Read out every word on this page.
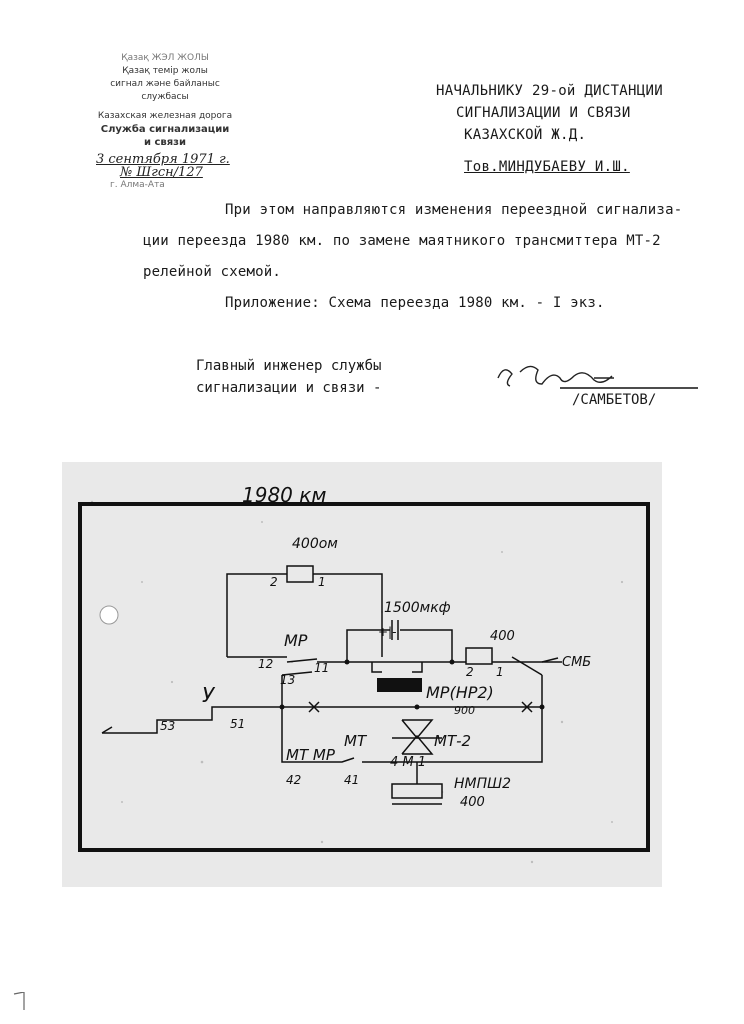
Қазақ ЖЭЛ ЖОЛЫ
Қазақ темір жолы
сигнал және байланыс
службасы
Казахская железная дорога
Служба сигнализации
и связи
3 сентября 1971 г.
№ Шгсн/127
г. Алма-Ата
НАЧАЛЬНИКУ 29-ой ДИСТАНЦИИ
СИГНАЛИЗАЦИИ И СВЯЗИ
КАЗАХСКОЙ Ж.Д.
Тов.МИНДУБАЕВУ И.Ш.

При этом направляются изменения переездной сигнализа-

ции переезда 1980 км. по замене маятникого трансмиттера МТ-2

релейной схемой.

Приложение: Схема переезда 1980 км. - I экз.

Главный инженер службы
сигнализации и связи -
/САМБЕТОВ/
1980 км
400ом
2	1
1500мкф
+|-
МР	400
12	11
13
2 1
СМБ
МР(НР2)
900
У
53	51
МТ	МТ-2
4 М 1
МТ МР
42	41	НМПШ2
400
